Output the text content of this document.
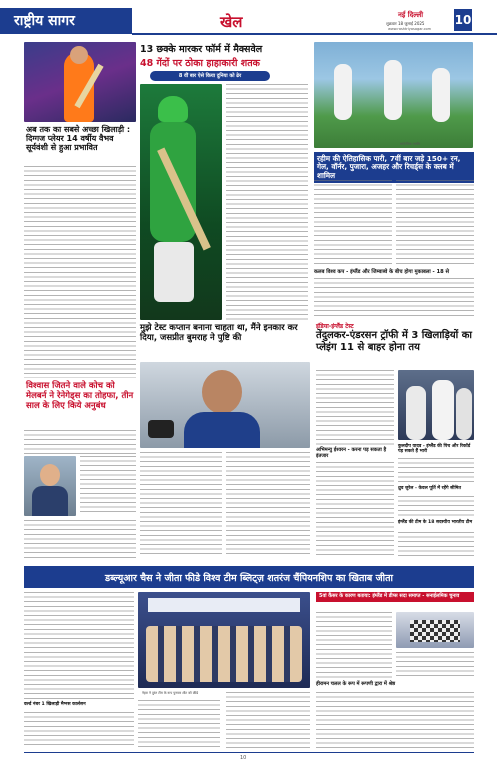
राष्ट्रीय सागर	खेल	नई दिल्ली
शुक्रवार 18 जुलाई 2025
www.rashtriyasagar.com
10
अब तक का सबसे अच्छा खिलाड़ी : दिग्गज प्लेयर 14 वर्षीय वैभव सूर्यवंशी से हुआ प्रभावित
विश्वास जितने वाले कोच को मेलबर्न ने रेनेगेड्स का तोहफा, तीन साल के लिए किये अनुबंध
13 छक्के मारकर फॉर्म में मैक्सवेल
48 गेंदों पर ठोका हाहाकारी शतक
8 वीं बार ऐसे किया दुनिया को ढेर
सांकेतिक तस्वीर
रहीम की ऐतिहासिक पारी, 7वीं बार जड़े 150+ रन, गेल, वॉर्नर, पुजारा, अजहर और रिचर्ड्स के क्लब में शामिल
कलब विश्व कप - इंग्लैंड और जिम्बाब्वे के बीच होगा मुकाबला - 18 से
मुझे टेस्ट कप्तान बनाना चाहता था, मैंने इनकार कर दिया, जसप्रीत बुमराह ने पुष्टि की
इंडिया-इंग्लैंड टेस्ट
तेंदुलकर-एंडरसन ट्रॉफी में 3 खिलाड़ियों का प्लेइंग 11 से बाहर होना तय
अभिमन्यु ईश्वरन - करना पड़ सकता है इंतजार
कुलदीप यादव - इंग्लैंड की पिच और रिकॉर्ड पड़ सकते हैं भारी
ध्रुव जुरेल - केवल पूर्ति में रहेंगे सीमित
इंग्लैंड की टीम के 18 सदस्यीय भारतीय टीम
डब्ल्यूआर चैस ने जीता फीडे विश्व टीम ब्लिट्ज़ शतरंज चैंपियनशिप का खिताब जीता
वर्ल्ड नंबर 1 खिलाड़ी मैग्नस कार्लसन
नेहरा ने दुरंत टीम के रूप पुनवार शीट को फ्रीडे
5वां कैंसर के कारण बताया: इंग्लैंड में डीप्स सदा समाप्त - सनाईलमिक चुनाव
हीरामन चलल के रूप में रूपणी द्वारा में श्रेष्ठ
10
